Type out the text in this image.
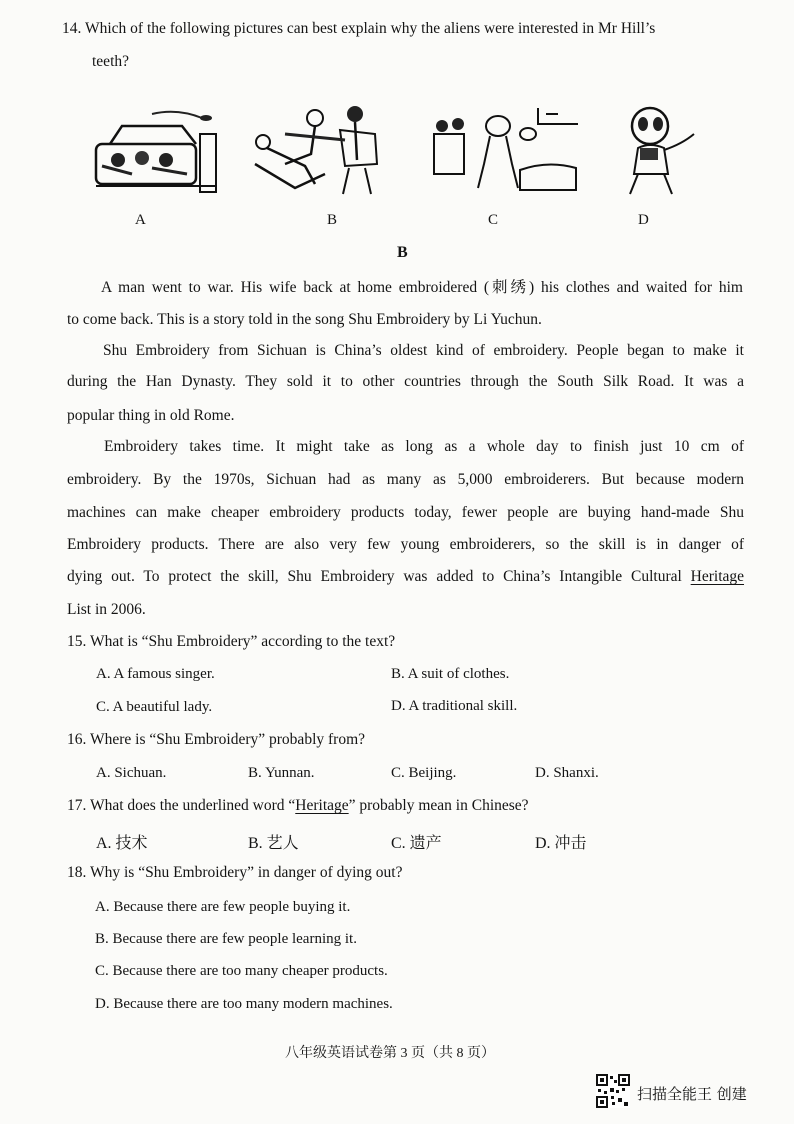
14. Which of the following pictures can best explain why the aliens were interested in Mr Hill’s
teeth?
A	B	C	D
B
A man went to war. His wife back at home embroidered (刺绣) his clothes and waited for him
to come back. This is a story told in the song Shu Embroidery by Li Yuchun.
Shu Embroidery from Sichuan is China’s oldest kind of embroidery. People began to make it
during the Han Dynasty. They sold it to other countries through the South Silk Road. It was a
popular thing in old Rome.
Embroidery takes time. It might take as long as a whole day to finish just 10 cm of
embroidery. By the 1970s, Sichuan had as many as 5,000 embroiderers. But because modern
machines can make cheaper embroidery products today, fewer people are buying hand-made Shu
Embroidery products. There are also very few young embroiderers, so the skill is in danger of
dying out. To protect the skill, Shu Embroidery was added to China’s Intangible Cultural Heritage
List in 2006.
15. What is “Shu Embroidery” according to the text?
A. A famous singer.	B. A suit of clothes.
C. A beautiful lady.	D. A traditional skill.
16. Where is “Shu Embroidery” probably from?
A. Sichuan.	B. Yunnan.	C. Beijing.	D. Shanxi.
17. What does the underlined word “Heritage” probably mean in Chinese?
A. 技术	B. 艺人	C. 遗产	D. 冲击
18. Why is “Shu Embroidery” in danger of dying out?
A. Because there are few people buying it.
B. Because there are few people learning it.
C. Because there are too many cheaper products.
D. Because there are too many modern machines.
八年级英语试卷第 3 页（共 8 页）
扫描全能王 创建
